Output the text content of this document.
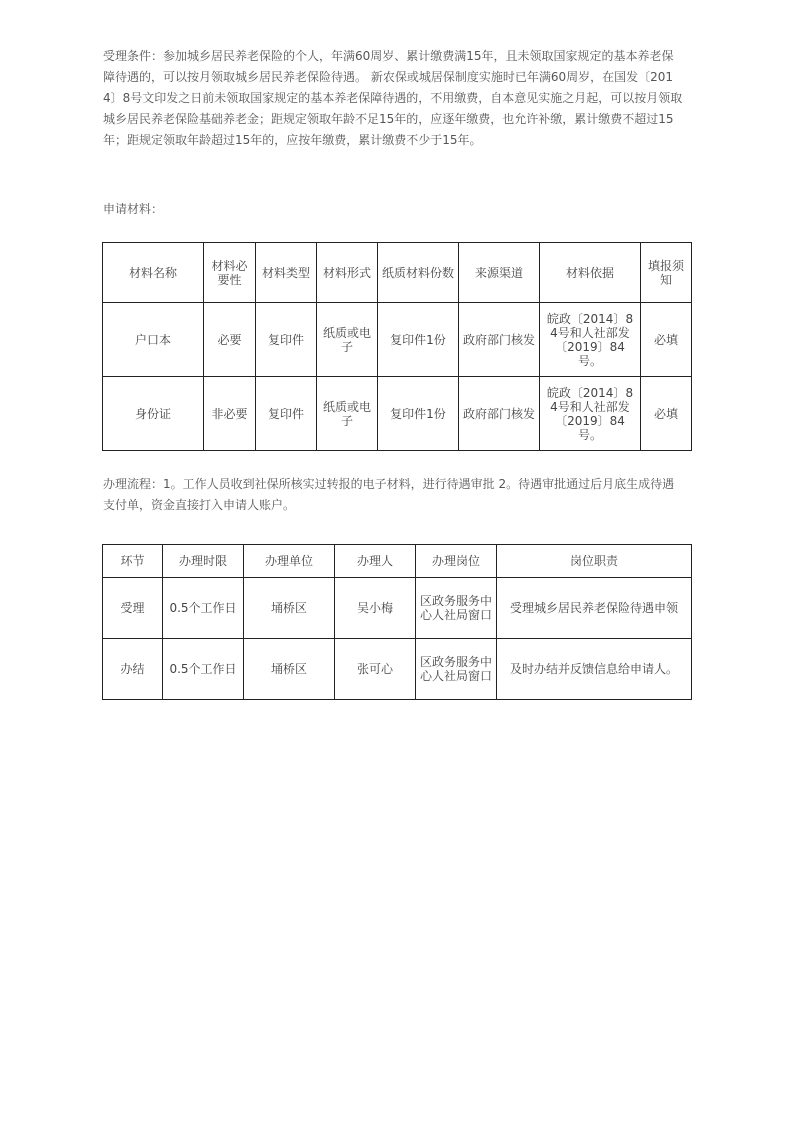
受理条件：参加城乡居民养老保险的个人，年满60周岁、累计缴费满15年，且未领取国家规定的基本养老保障待遇的，可以按月领取城乡居民养老保险待遇。 新农保或城居保制度实施时已年满60周岁，在国发〔2014〕8号文印发之日前未领取国家规定的基本养老保障待遇的，不用缴费，自本意见实施之月起，可以按月领取城乡居民养老保险基础养老金；距规定领取年龄不足15年的，应逐年缴费，也允许补缴，累计缴费不超过15年；距规定领取年龄超过15年的，应按年缴费，累计缴费不少于15年。

申请材料：

材料名称	材料必要性	材料类型	材料形式	纸质材料份数	来源渠道	材料依据	填报须知
户口本	必要	复印件	纸质或电子	复印件1份	政府部门核发	皖政〔2014〕84号和人社部发〔2019〕84号。	必填
身份证	非必要	复印件	纸质或电子	复印件1份	政府部门核发	皖政〔2014〕84号和人社部发〔2019〕84号。	必填

办理流程：1。工作人员收到社保所核实过转报的电子材料，进行待遇审批 2。待遇审批通过后月底生成待遇支付单，资金直接打入申请人账户。

环节	办理时限	办理单位	办理人	办理岗位	岗位职责
受理	0.5个工作日	埇桥区	吴小梅	区政务服务中心人社局窗口	受理城乡居民养老保险待遇申领
办结	0.5个工作日	埇桥区	张可心	区政务服务中心人社局窗口	及时办结并反馈信息给申请人。
